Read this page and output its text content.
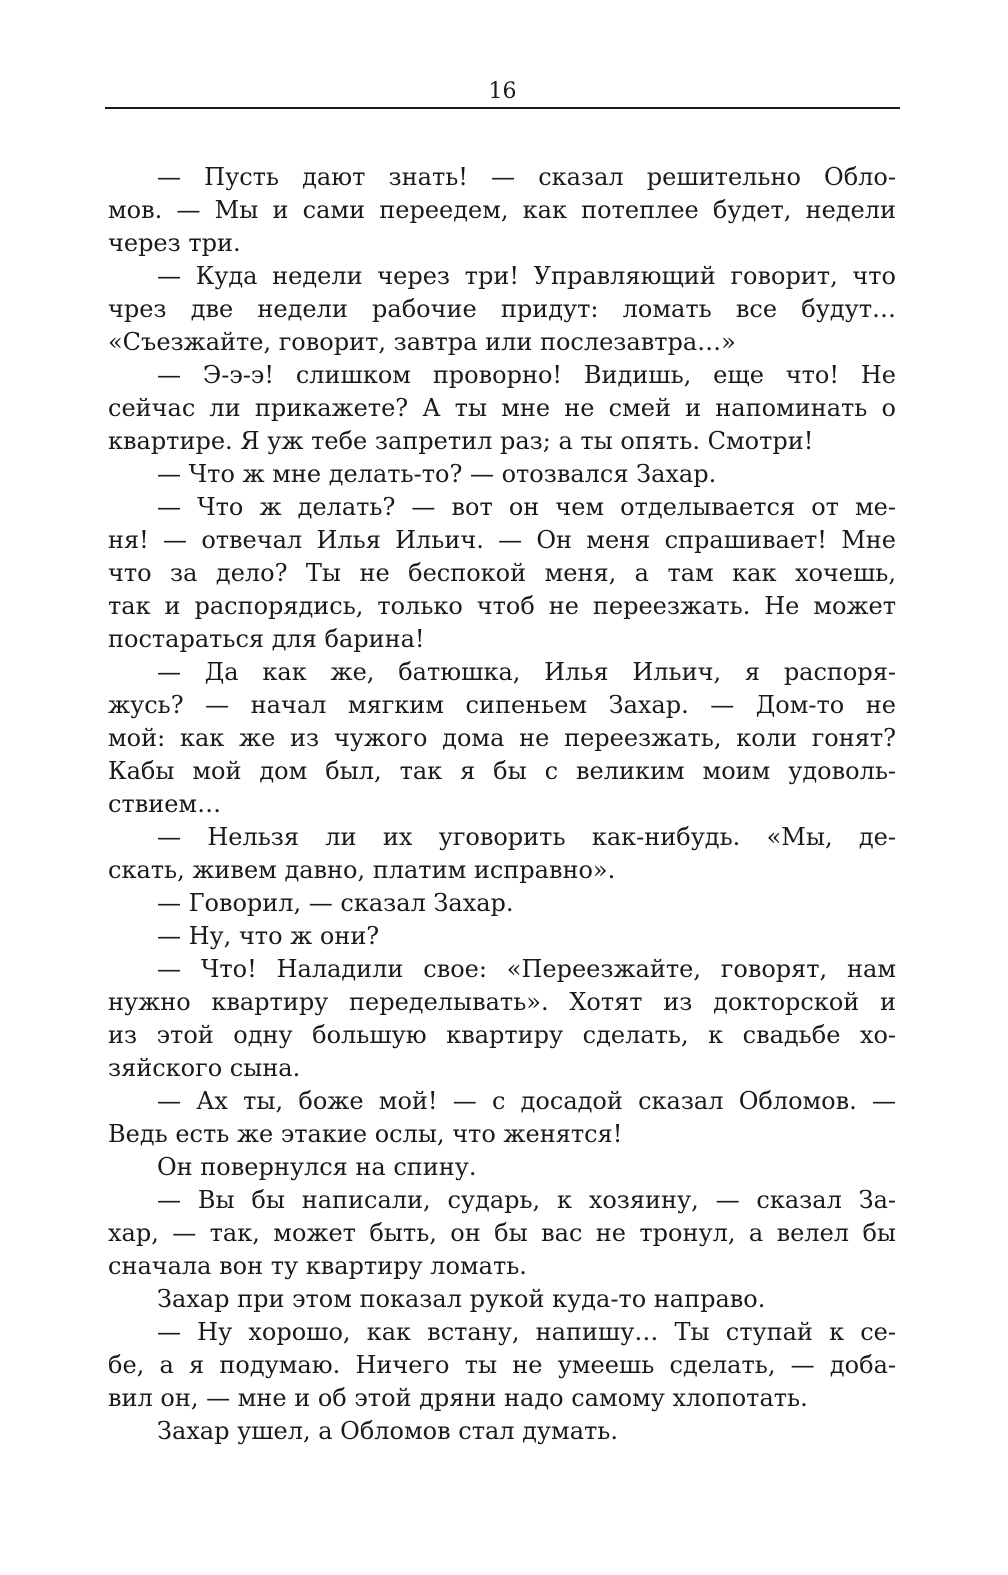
16
— Пусть дают знать! — сказал решительно Обло-
мов. — Мы и сами переедем, как потеплее будет, недели
через три.
— Куда недели через три! Управляющий говорит, что
чрез две недели рабочие придут: ломать все будут…
«Съезжайте, говорит, завтра или послезавтра…»
— Э-э-э! слишком проворно! Видишь, еще что! Не
сейчас ли прикажете? А ты мне не смей и напоминать о
квартире. Я уж тебе запретил раз; а ты опять. Смотри!
— Что ж мне делать-то? — отозвался Захар.
— Что ж делать? — вот он чем отделывается от ме-
ня! — отвечал Илья Ильич. — Он меня спрашивает! Мне
что за дело? Ты не беспокой меня, а там как хочешь,
так и распорядись, только чтоб не переезжать. Не может
постараться для барина!
— Да как же, батюшка, Илья Ильич, я распоря-
жусь? — начал мягким сипеньем Захар. — Дом-то не
мой: как же из чужого дома не переезжать, коли гонят?
Кабы мой дом был, так я бы с великим моим удоволь-
ствием…
— Нельзя ли их уговорить как-нибудь. «Мы, де-
скать, живем давно, платим исправно».
— Говорил, — сказал Захар.
— Ну, что ж они?
— Что! Наладили свое: «Переезжайте, говорят, нам
нужно квартиру переделывать». Хотят из докторской и
из этой одну большую квартиру сделать, к свадьбе хо-
зяйского сына.
— Ах ты, боже мой! — с досадой сказал Обломов. —
Ведь есть же этакие ослы, что женятся!
Он повернулся на спину.
— Вы бы написали, сударь, к хозяину, — сказал За-
хар, — так, может быть, он бы вас не тронул, а велел бы
сначала вон ту квартиру ломать.
Захар при этом показал рукой куда-то направо.
— Ну хорошо, как встану, напишу… Ты ступай к се-
бе, а я подумаю. Ничего ты не умеешь сделать, — доба-
вил он, — мне и об этой дряни надо самому хлопотать.
Захар ушел, а Обломов стал думать.
